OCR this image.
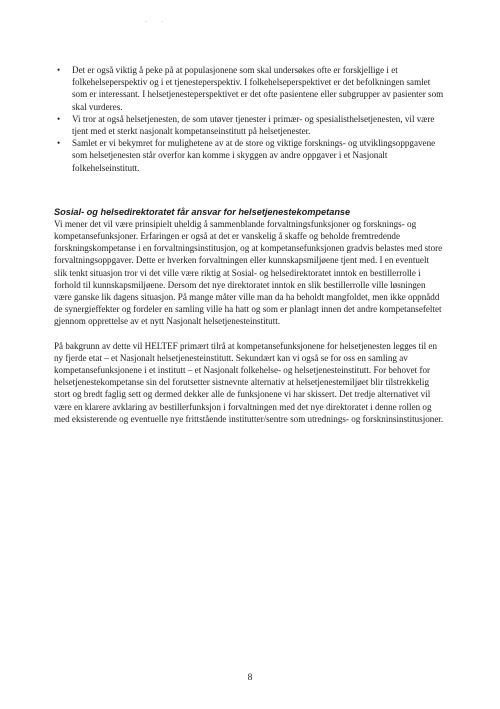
· ·
• Det er også viktig å peke på at populasjonene som skal undersøkes ofte er forskjellige i et folkehelseperspektiv og i et tjenesteperspektiv. I folkehelseperspektivet er det befolkningen samlet som er interessant. I helsetjenesteperspektivet er det ofte pasientene eller subgrupper av pasienter som skal vurderes.
• Vi tror at også helsetjenesten, de som utøver tjenester i primær- og spesialisthelsetjenesten, vil være tjent med et sterkt nasjonalt kompetanseinstitutt på helsetjenester.
• Samlet er vi bekymret for mulighetene av at de store og viktige forsknings- og utviklingsoppgavene som helsetjenesten står overfor kan komme i skyggen av andre oppgaver i et Nasjonalt folkehelseinstitutt.
Sosial- og helsedirektoratet får ansvar for helsetjenestekompetanse

Vi mener det vil være prinsipielt uheldig å sammenblande forvaltningsfunksjoner og forsknings- og kompetansefunksjoner. Erfaringen er også at det er vanskelig å skaffe og beholde fremtredende forskningskompetanse i en forvaltningsinstitusjon, og at kompetansefunksjonen gradvis belastes med store forvaltningsoppgaver. Dette er hverken forvaltningen eller kunnskapsmiljøene tjent med. I en eventuelt slik tenkt situasjon tror vi det ville være riktig at Sosial- og helsedirektoratet inntok en bestillerrolle i forhold til kunnskapsmiljøene. Dersom det nye direktoratet inntok en slik bestillerrolle ville løsningen være ganske lik dagens situasjon. På mange måter ville man da ha beholdt mangfoldet, men ikke oppnådd de synergieffekter og fordeler en samling ville ha hatt og som er planlagt innen det andre kompetansefeltet gjennom opprettelse av et nytt Nasjonalt helsetjenesteinstitutt.

På bakgrunn av dette vil HELTEF primært tilrå at kompetansefunksjonene for helsetjenesten legges til en ny fjerde etat – et Nasjonalt helsetjenesteinstitutt. Sekundært kan vi også se for oss en samling av kompetansefunksjonene i et institutt – et Nasjonalt folkehelse- og helsetjenesteinstitutt. For behovet for helsetjenestekompetanse sin del forutsetter sistnevnte alternativ at helsetjenestemiljøet blir tilstrekkelig stort og bredt faglig sett og dermed dekker alle de funksjonene vi har skissert. Det tredje alternativet vil være en klarere avklaring av bestillerfunksjon i forvaltningen med det nye direktoratet i denne rollen og med eksisterende og eventuelle nye frittstående institutter/sentre som utrednings- og forskninsinstitusjoner.

8
